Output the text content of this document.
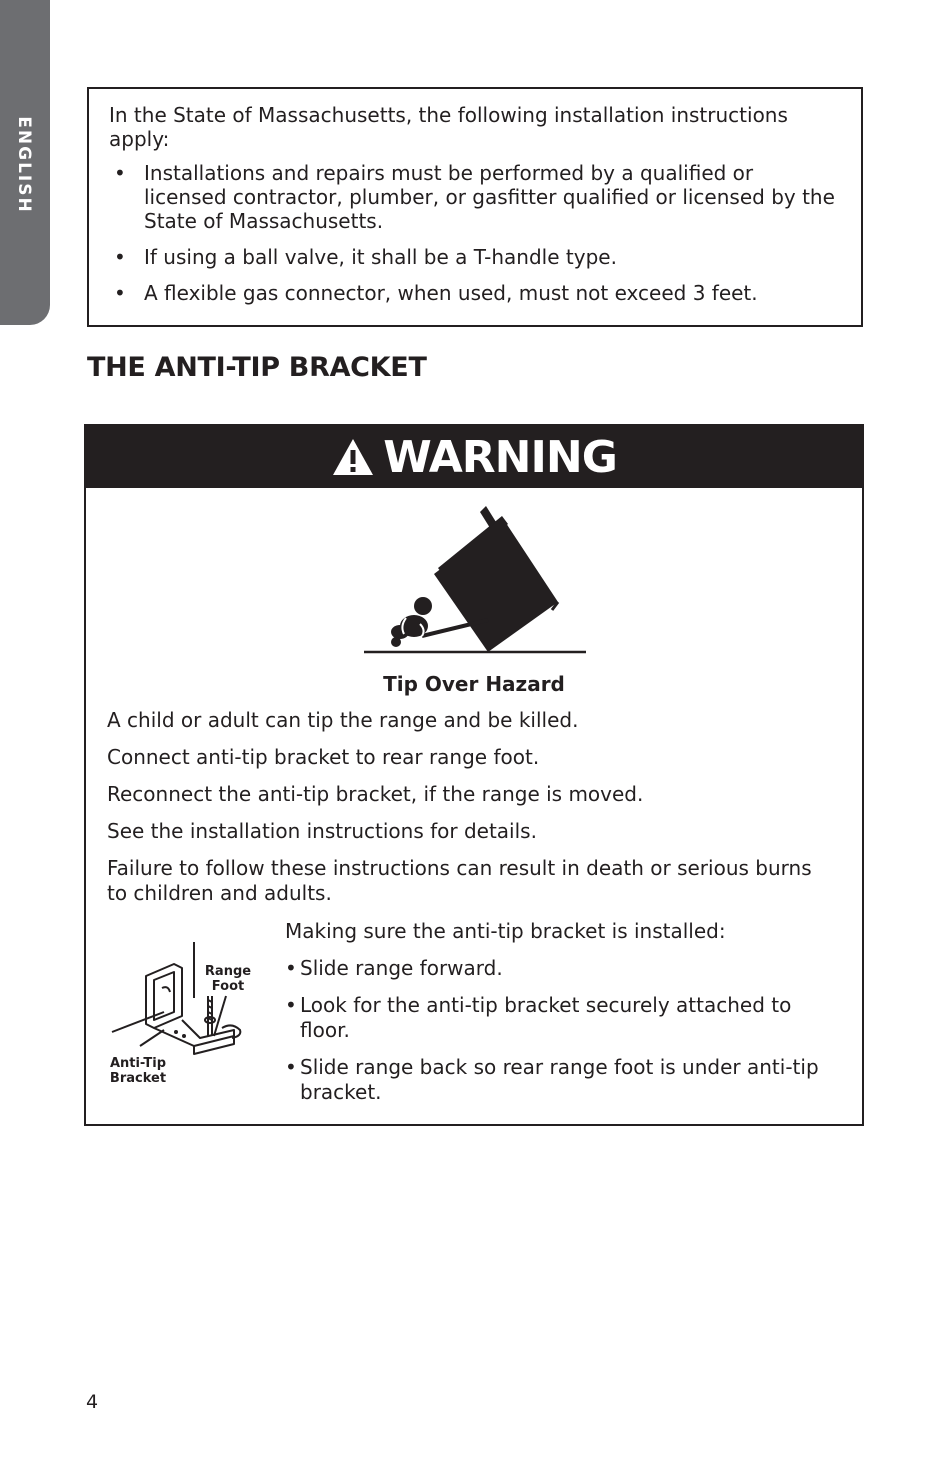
ENGLISH

In the State of Massachusetts, the following installation instructions apply:

• Installations and repairs must be performed by a qualified or licensed contractor, plumber, or gasfitter qualified or licensed by the State of Massachusetts.
• If using a ball valve, it shall be a T-handle type.
• A flexible gas connector, when used, must not exceed 3 feet.
THE ANTI-TIP BRACKET
WARNING
Tip Over Hazard

A child or adult can tip the range and be killed.

Connect anti-tip bracket to rear range foot.

Reconnect the anti-tip bracket, if the range is moved.

See the installation instructions for details.

Failure to follow these instructions can result in death or serious burns to children and adults.

Range Foot
Anti-Tip Bracket

Making sure the anti-tip bracket is installed:

• Slide range forward.
• Look for the anti-tip bracket securely attached to floor.
• Slide range back so rear range foot is under anti-tip bracket.
4
